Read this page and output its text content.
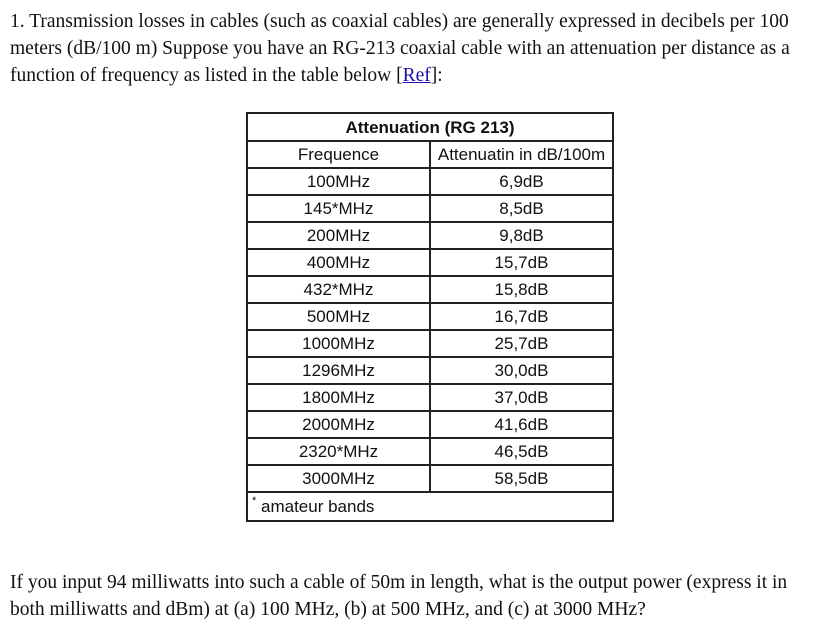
1. Transmission losses in cables (such as coaxial cables) are generally expressed in decibels per 100 meters (dB/100 m) Suppose you have an RG-213 coaxial cable with an attenuation per distance as a function of frequency as listed in the table below [Ref]:

Attenuation (RG 213)	
Frequence	Attenuatin in dB/100m
100MHz	6,9dB
145*MHz	8,5dB
200MHz	9,8dB
400MHz	15,7dB
432*MHz	15,8dB
500MHz	16,7dB
1000MHz	25,7dB
1296MHz	30,0dB
1800MHz	37,0dB
2000MHz	41,6dB
2320*MHz	46,5dB
3000MHz	58,5dB
* amateur bands	

If you input 94 milliwatts into such a cable of 50m in length, what is the output power (express it in both milliwatts and dBm) at (a) 100 MHz, (b) at 500 MHz, and (c) at 3000 MHz?
